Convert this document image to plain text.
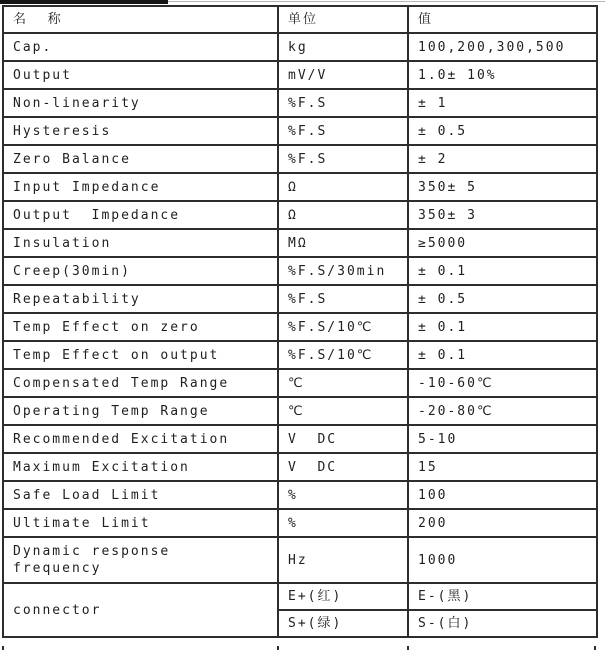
名  称	单位	值
Cap.	kg	100,200,300,500
Output	mV/V	1.0± 10%
Non-linearity	%F.S	± 1
Hysteresis	%F.S	± 0.5
Zero Balance	%F.S	± 2
Input Impedance	Ω	350± 5
Output  Impedance	Ω	350± 3
Insulation	MΩ	≥5000
Creep(30min)	%F.S/30min	± 0.1
Repeatability	%F.S	± 0.5
Temp Effect on zero	%F.S/10℃	± 0.1
Temp Effect on output	%F.S/10℃	± 0.1
Compensated Temp Range	℃	-10-60℃
Operating Temp Range	℃	-20-80℃
Recommended Excitation	V  DC	5-10
Maximum Excitation	V  DC	15
Safe Load Limit	%	100
Ultimate Limit	%	200
Dynamic response
frequency	Hz	1000
connector	E+(红)	E-(黑)
	S+(绿)	S-(白)
